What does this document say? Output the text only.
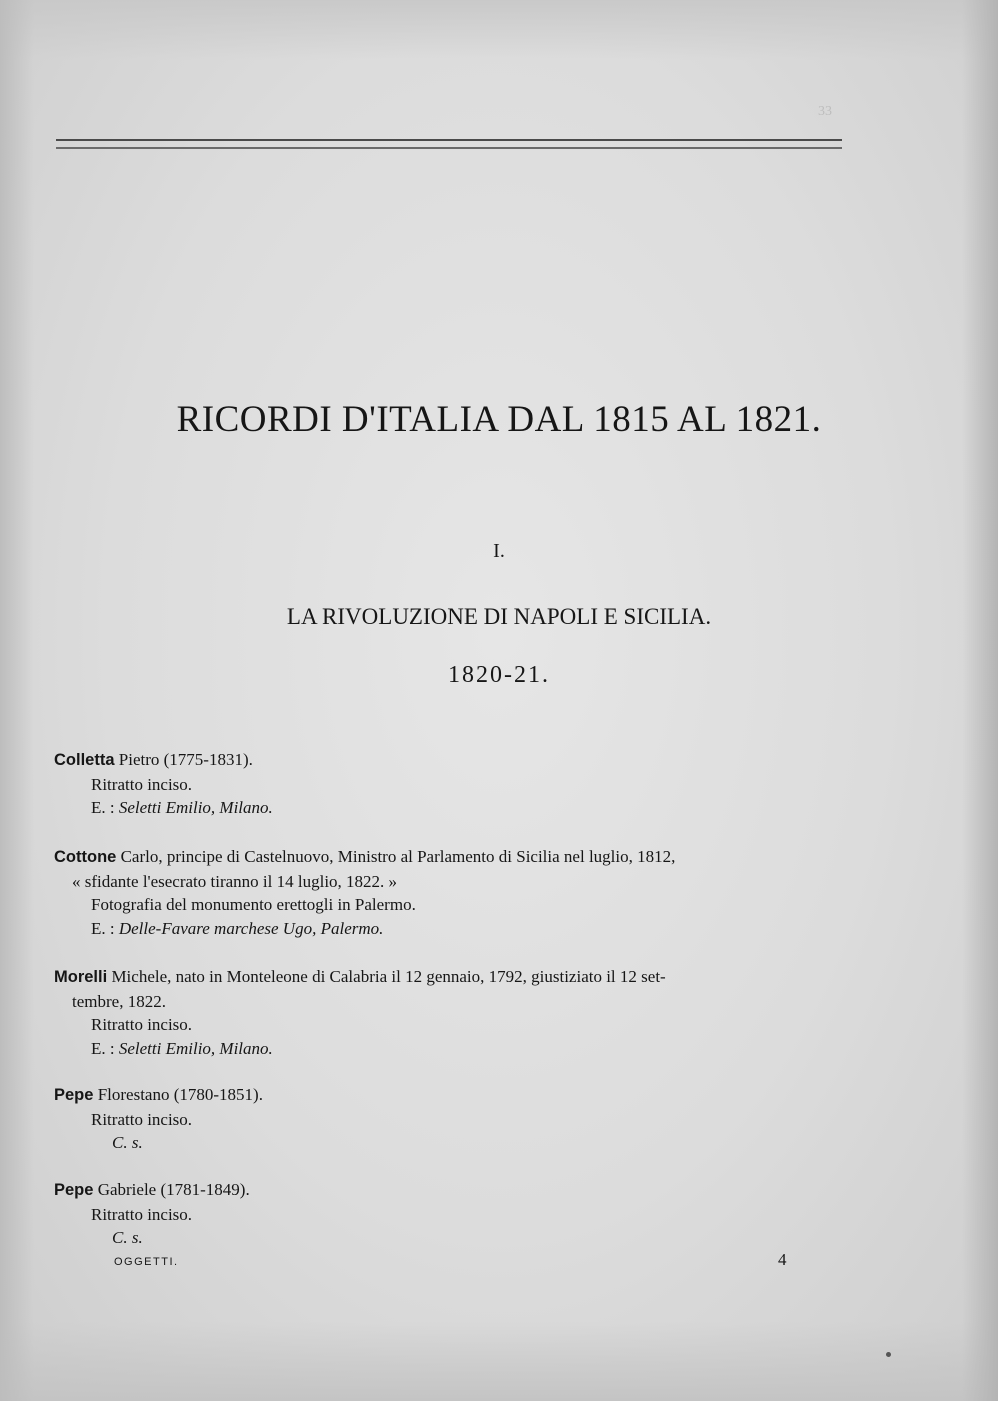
33
RICORDI D'ITALIA DAL 1815 AL 1821.
I.
LA RIVOLUZIONE DI NAPOLI E SICILIA.
1820-21.
Colletta Pietro (1775-1831).
Ritratto inciso.
E. : Seletti Emilio, Milano.
Cottone Carlo, principe di Castelnuovo, Ministro al Parlamento di Sicilia nel luglio, 1812,
« sfidante l'esecrato tiranno il 14 luglio, 1822. »
Fotografia del monumento erettogli in Palermo.
E. : Delle-Favare marchese Ugo, Palermo.
Morelli Michele, nato in Monteleone di Calabria il 12 gennaio, 1792, giustiziato il 12 set-
tembre, 1822.
Ritratto inciso.
E. : Seletti Emilio, Milano.
Pepe Florestano (1780-1851).
Ritratto inciso.
C. s.
Pepe Gabriele (1781-1849).
Ritratto inciso.
C. s.
OGGETTI.	4
